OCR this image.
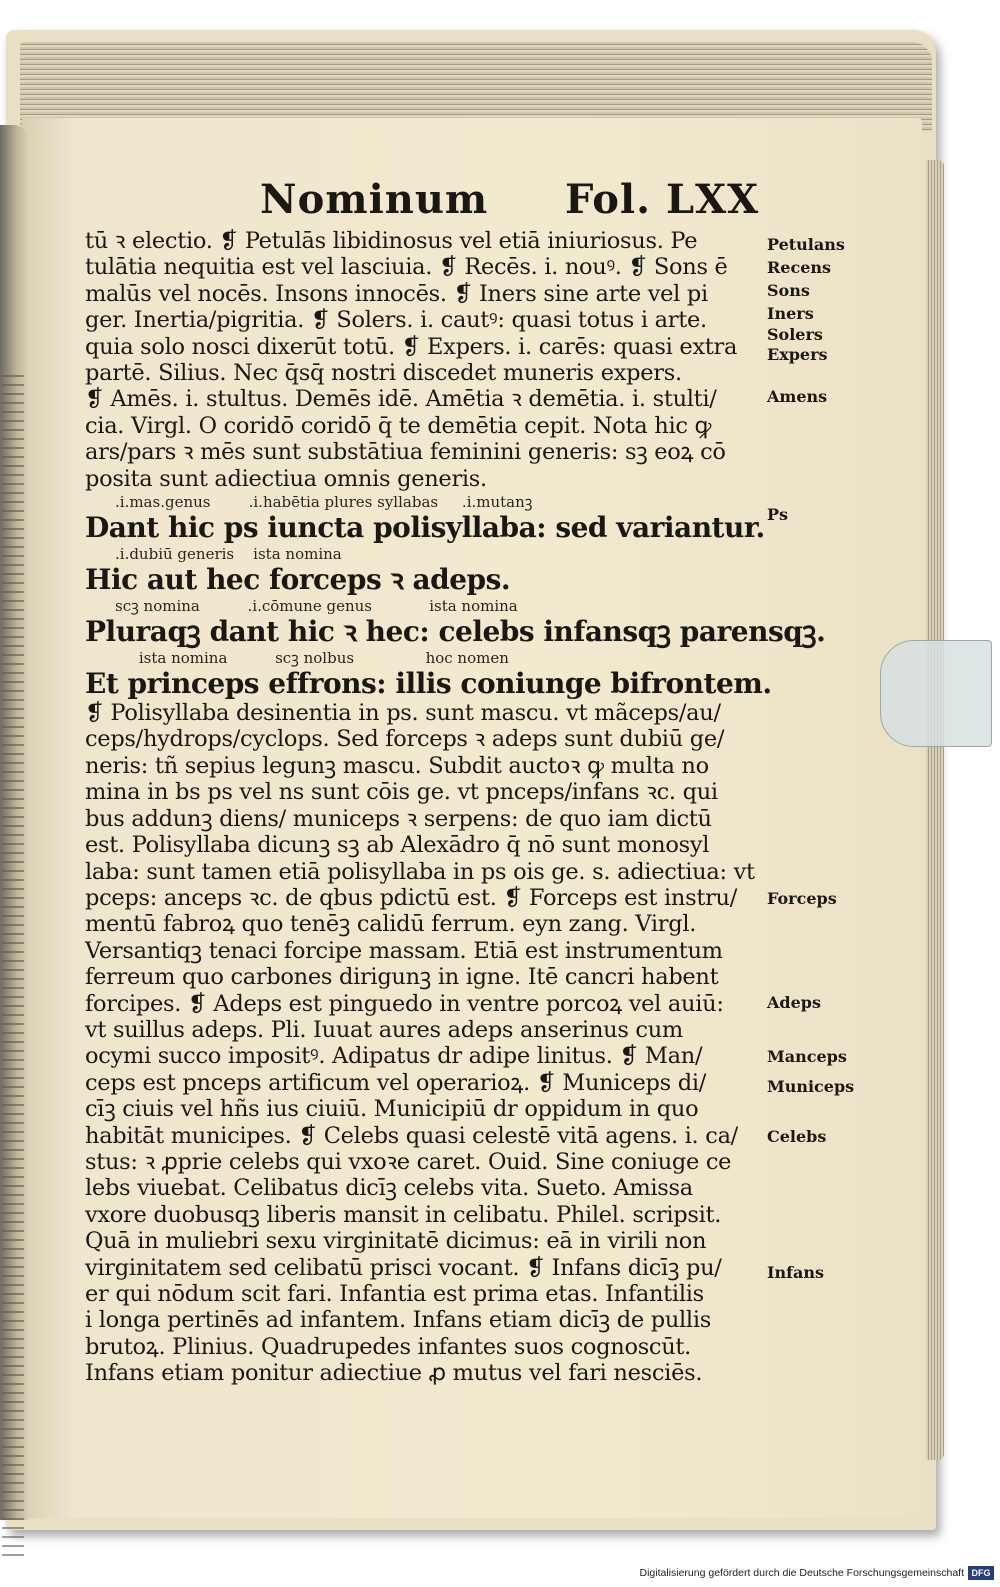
Nominum Fol. LXX
tū ꝛ electio. ❡ Petulās libidinosus vel etiā iniuriosus. Pe
tulātia nequitia est vel lasciuia. ❡ Recēs. i. nouꝰ. ❡ Sons ē
malūs vel nocēs. Insons innocēs. ❡ Iners sine arte vel pi
ger. Inertia/pigritia. ❡ Solers. i. cautꝰ: quasi totus i arte.
quia solo nosci dixerūt totū. ❡ Expers. i. carēs: quasi extra
partē. Silius. Nec q̄sq̄ nostri discedet muneris expers.
❡ Amēs. i. stultus. Demēs idē. Amētia ꝛ demētia. i. stulti/
cia. Virgl. O coridō coridō q̄ te demētia cepit. Nota hic ꝙ
ars/pars ꝛ mēs sunt substātiua feminini generis: sꝫ eoꝝ cō
posita sunt adiectiua omnis generis.
.i.mas.genus        .i.habētia plures syllabas     .i.mutanꝫ
Dant hic ps iuncta polisyllaba: sed variantur.
.i.dubiū generis    ista nomina
Hic aut hec forceps ꝛ adeps.
scꝫ nomina          .i.cōmune genus            ista nomina
Pluraqꝫ dant hic ꝛ hec: celebs infansqꝫ parensqꝫ.
ista nomina          scꝫ nolbus               hoc nomen
Et princeps effrons: illis coniunge bifrontem.
❡ Polisyllaba desinentia in ps. sunt mascu. vt mãceps/au/
ceps/hydrops/cyclops. Sed forceps ꝛ adeps sunt dubiū ge/
neris: tñ sepius legunꝫ mascu. Subdit auctoꝛ ꝙ multa no
mina in bs ps vel ns sunt cōis ge. vt pnceps/infans ꝛc. qui
bus addunꝫ diens/ municeps ꝛ serpens: de quo iam dictū
est. Polisyllaba dicunꝫ sꝫ ab Alexādro q̄ nō sunt monosyl
laba: sunt tamen etiā polisyllaba in ps ois ge. s. adiectiua: vt
pceps: anceps ꝛc. de qbus pdictū est. ❡ Forceps est instru/
mentū fabroꝝ quo tenēꝫ calidū ferrum. eyn zang. Virgl.
Versantiqꝫ tenaci forcipe massam. Etiā est instrumentum
ferreum quo carbones dirigunꝫ in igne. Itē cancri habent
forcipes. ❡ Adeps est pinguedo in ventre porcoꝝ vel auiū:
vt suillus adeps. Pli. Iuuat aures adeps anserinus cum
ocymi succo impositꝰ. Adipatus dr adipe linitus. ❡ Man/
ceps est pnceps artificum vel operarioꝝ. ❡ Municeps di/
cīꝫ ciuis vel hñs ius ciuiū. Municipiū dr oppidum in quo
habitāt municipes. ❡ Celebs quasi celestē vitā agens. i. ca/
stus: ꝛ ꝓprie celebs qui vxoꝛe caret. Ouid. Sine coniuge ce
lebs viuebat. Celibatus dicīꝫ celebs vita. Sueto. Amissa
vxore duobusqꝫ liberis mansit in celibatu. Philel. scripsit.
Quā in muliebri sexu virginitatē dicimus: eā in virili non
virginitatem sed celibatū prisci vocant. ❡ Infans dicīꝫ pu/
er qui nōdum scit fari. Infantia est prima etas. Infantilis
i longa pertinēs ad infantem. Infans etiam dicīꝫ de pullis
brutoꝝ. Plinius. Quadrupedes infantes suos cognoscūt.
Infans etiam ponitur adiectiue ꝓ mutus vel fari nesciēs.
Petulans
Recens
Sons
Iners
Solers
Expers
Amens
Ps
Forceps
Adeps
Manceps
Municeps
Celebs
Infans
Digitalisierung gefördert durch die Deutsche Forschungsgemeinschaft DFG
